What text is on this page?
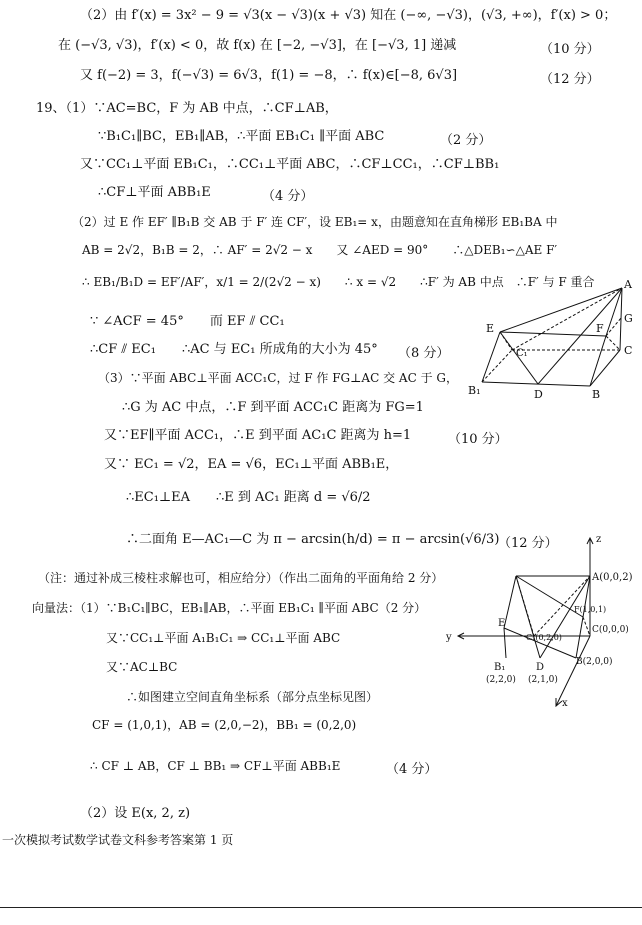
（2）由 f′(x) = 3x² − 9 = √3(x − √3)(x + √3) 知在 (−∞, −√3)，(√3, +∞)，f′(x) > 0；
在 (−√3, √3)，f′(x) < 0，故 f(x) 在 [−2, −√3]，在 [−√3, 1] 递减	（10 分）
又 f(−2) = 3，f(−√3) = 6√3，f(1) = −8，∴ f(x)∈[−8, 6√3]	（12 分）
19、（1）∵AC=BC，F 为 AB 中点，∴CF⊥AB，
∵B₁C₁∥BC，EB₁∥AB，∴平面 EB₁C₁ ∥平面 ABC	（2 分）
又∵CC₁⊥平面 EB₁C₁，∴CC₁⊥平面 ABC，∴CF⊥CC₁，∴CF⊥BB₁
∴CF⊥平面 ABB₁E	（4 分）
（2）过 E 作 EF′ ∥B₁B 交 AB 于 F′ 连 CF′，设 EB₁= x，由题意知在直角梯形 EB₁BA 中
AB = 2√2，B₁B = 2，∴ AF′ = 2√2 − x　　又 ∠AED = 90°　　∴△DEB₁∽△AE F′
∴ EB₁/B₁D = EF′/AF′，x/1 = 2/(2√2 − x)　　∴ x = √2　　∴F′ 为 AB 中点　∴F′ 与 F 重合
∵ ∠ACF = 45°　　而 EF ⫽ CC₁
∴CF ⫽ EC₁　　∴AC 与 EC₁ 所成角的大小为 45° （8 分）
（3）∵平面 ABC⊥平面 ACC₁C，过 F 作 FG⊥AC 交 AC 于 G，
∴G 为 AC 中点，∴F 到平面 ACC₁C 距离为 FG=1
又∵EF∥平面 ACC₁，∴E 到平面 AC₁C 距离为 h=1	（10 分）
又∵ EC₁ = √2，EA = √6，EC₁⊥平面 ABB₁E，
∴EC₁⊥EA　　∴E 到 AC₁ 距离 d = √6/2
∴二面角 E—AC₁—C 为 π − arcsin(h/d) = π − arcsin(√6/3)
（12 分）
（注：通过补成三棱柱求解也可，相应给分）（作出二面角的平面角给 2 分）
向量法：（1）∵B₁C₁∥BC，EB₁∥AB，∴平面 EB₁C₁ ∥平面 ABC（2 分）
又∵CC₁⊥平面 A₁B₁C₁ ⇒ CC₁⊥平面 ABC
又∵AC⊥BC
∴如图建立空间直角坐标系（部分点坐标见图）
CF = (1,0,1)，AB = (2,0,−2)，BB₁ = (0,2,0)
∴ CF ⊥ AB，CF ⊥ BB₁ ⇒ CF⊥平面 ABB₁E	（4 分）
（2）设 E(x, 2, z)
一次模拟考试数学试卷文科参考答案第 1 页
A
G
F
E
C₁	C
B₁	D	B
z
y
x
A(0,0,2)
F(1,0,1)
E
C₁(0,2,0)
C(0,0,0)
B₁
(2,2,0)
D
(2,1,0)
B(2,0,0)
